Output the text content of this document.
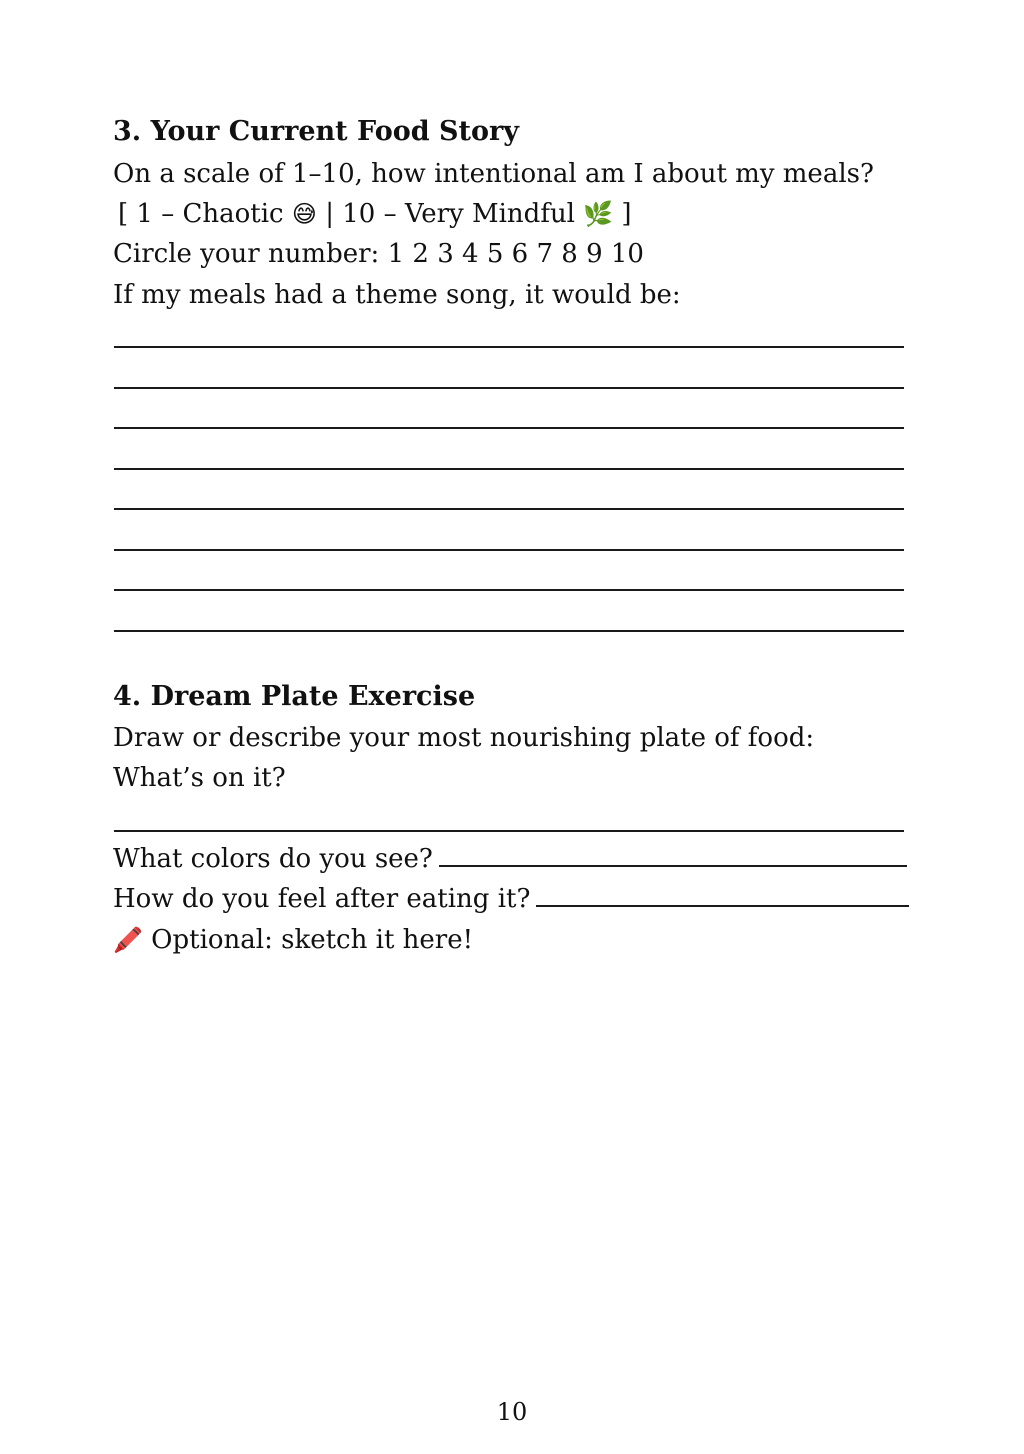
3. Your Current Food Story
On a scale of 1–10, how intentional am I about my meals?
[ 1 – Chaotic 😅 | 10 – Very Mindful 🌿 ]
Circle your number: 1 2 3 4 5 6 7 8 9 10
If my meals had a theme song, it would be:
4. Dream Plate Exercise
Draw or describe your most nourishing plate of food:
What’s on it?
What colors do you see?
How do you feel after eating it?
🖍️ Optional: sketch it here!
10
